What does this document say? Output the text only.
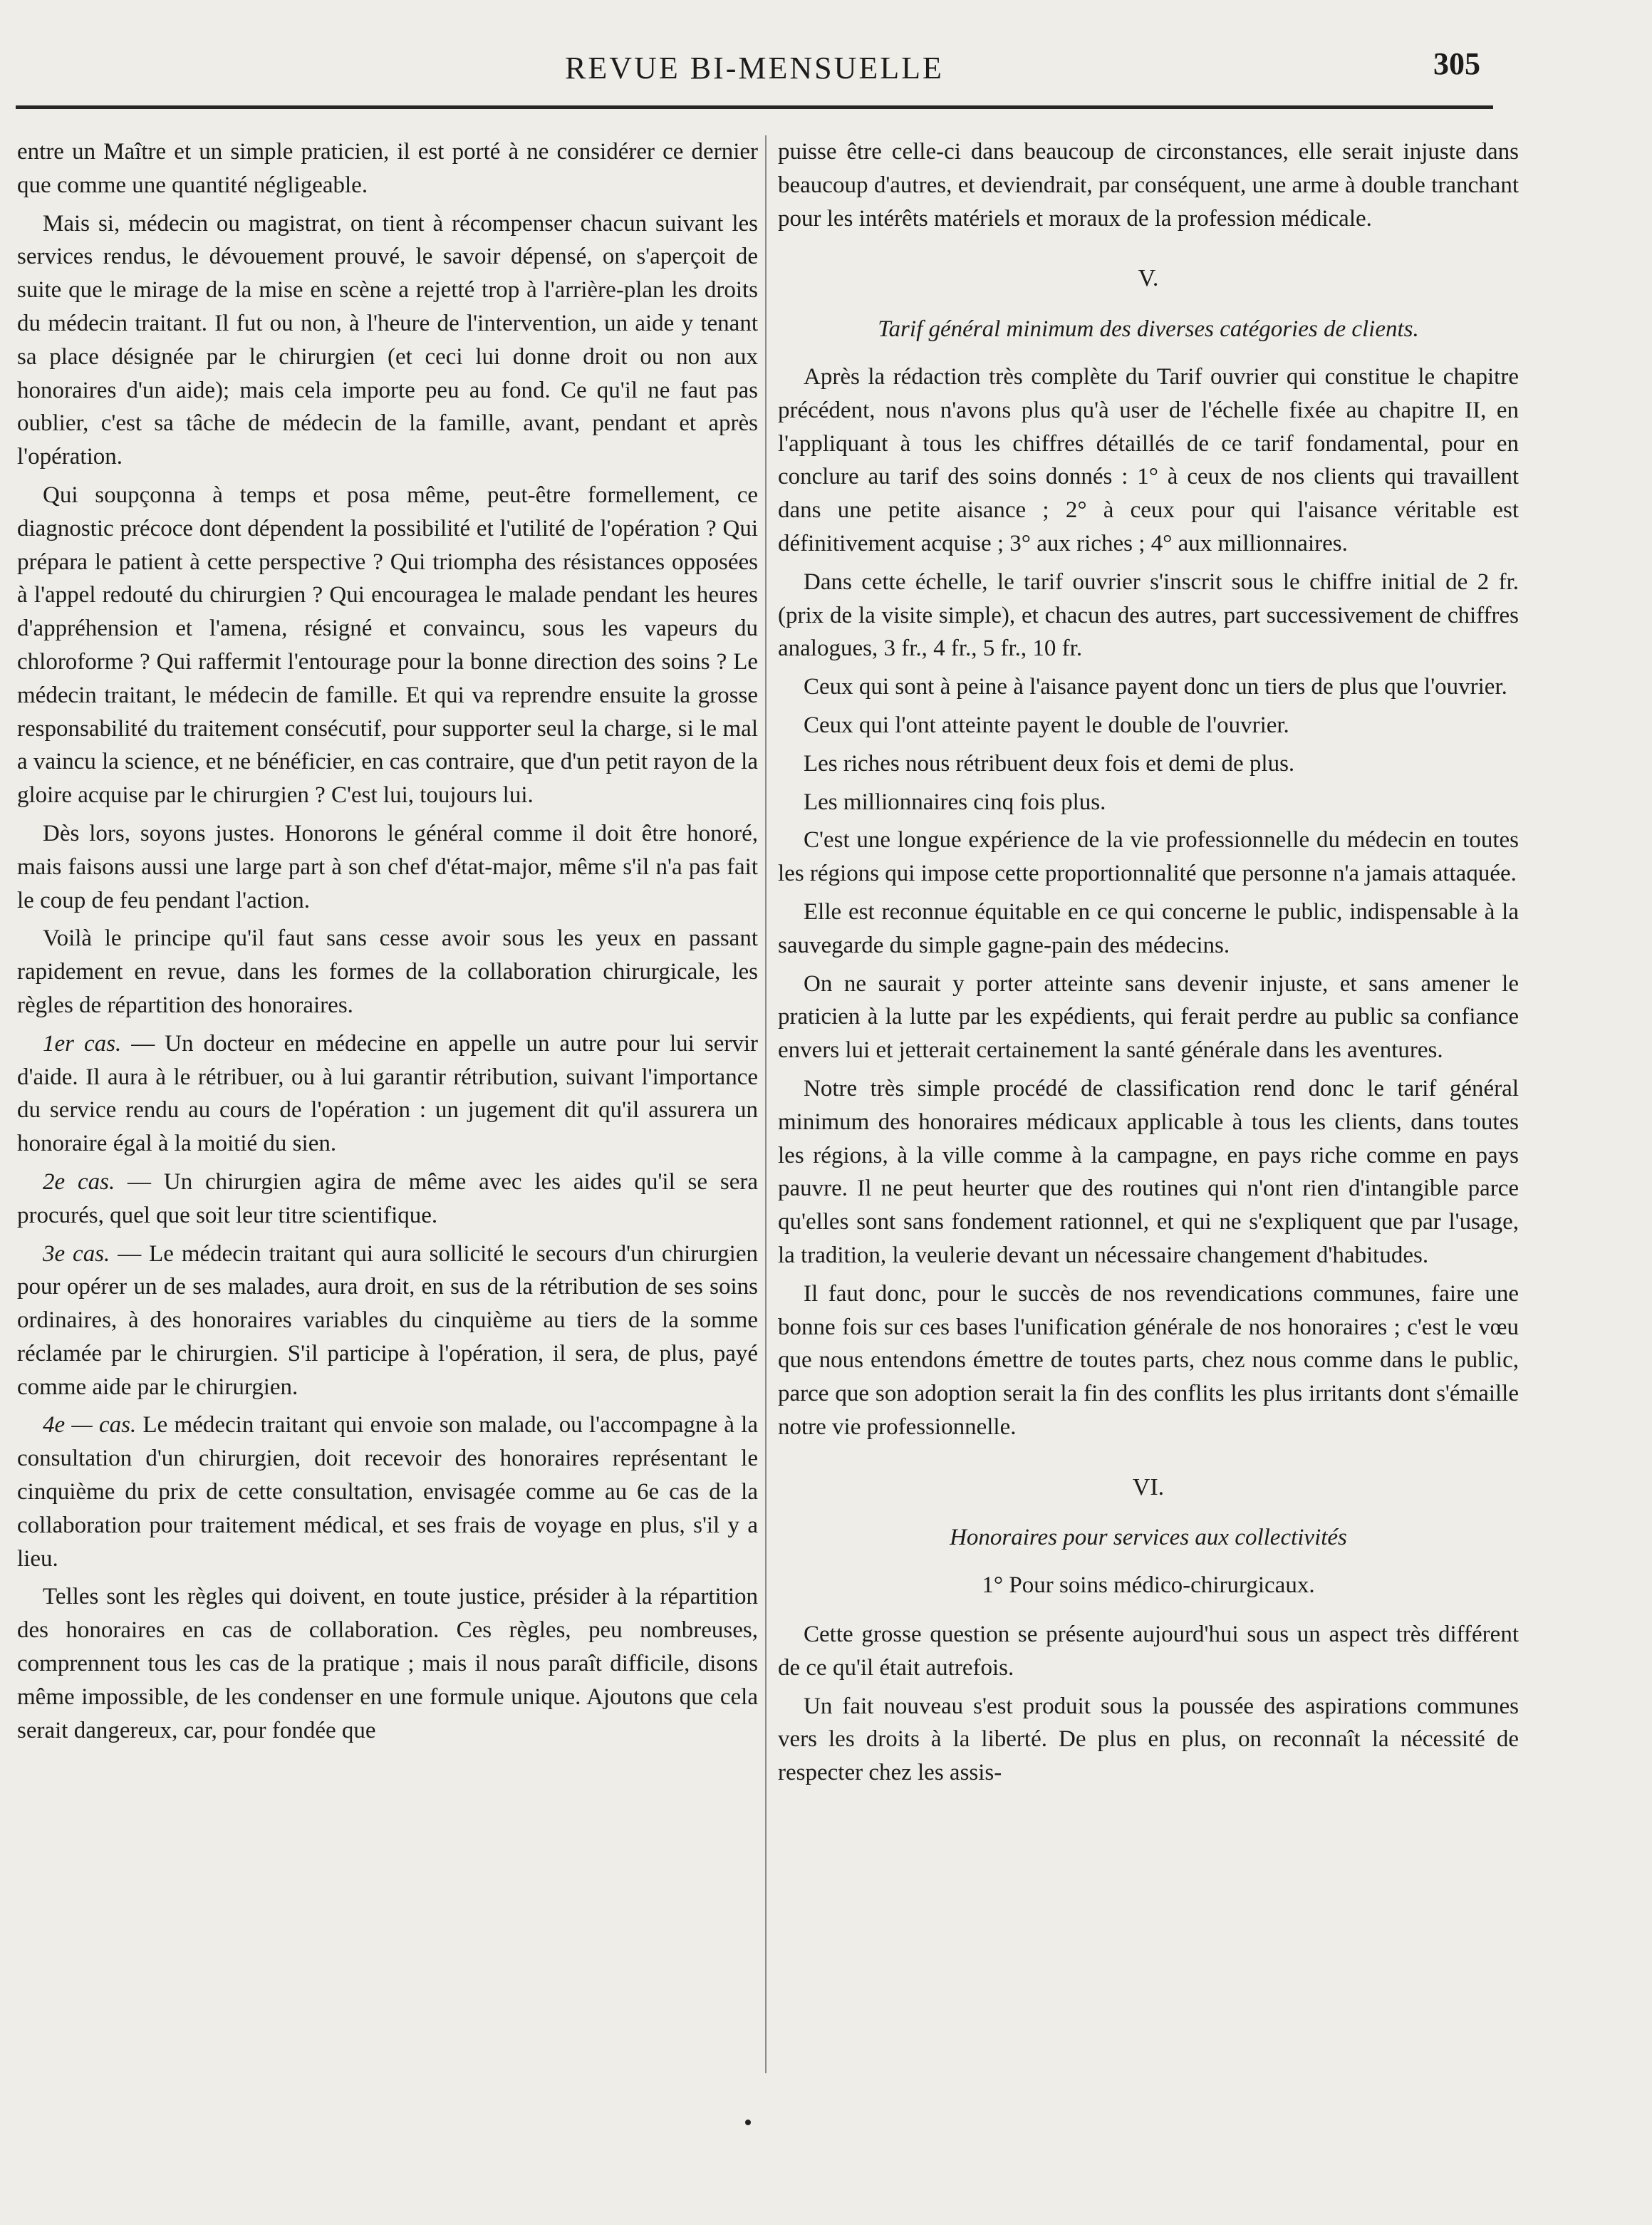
REVUE BI-MENSUELLE	305

entre un Maître et un simple praticien, il est porté à ne considérer ce dernier que comme une quantité négligeable.

Mais si, médecin ou magistrat, on tient à récompenser chacun suivant les services rendus, le dévouement prouvé, le savoir dépensé, on s'aperçoit de suite que le mirage de la mise en scène a rejetté trop à l'arrière-plan les droits du médecin traitant. Il fut ou non, à l'heure de l'intervention, un aide y tenant sa place désignée par le chirurgien (et ceci lui donne droit ou non aux honoraires d'un aide); mais cela importe peu au fond. Ce qu'il ne faut pas oublier, c'est sa tâche de médecin de la famille, avant, pendant et après l'opération.

Qui soupçonna à temps et posa même, peut-être formellement, ce diagnostic précoce dont dépendent la possibilité et l'utilité de l'opération ? Qui prépara le patient à cette perspective ? Qui triompha des résistances opposées à l'appel redouté du chirurgien ? Qui encouragea le malade pendant les heures d'appréhension et l'amena, résigné et convaincu, sous les vapeurs du chloroforme ? Qui raffermit l'entourage pour la bonne direction des soins ? Le médecin traitant, le médecin de famille. Et qui va reprendre ensuite la grosse responsabilité du traitement consécutif, pour supporter seul la charge, si le mal a vaincu la science, et ne bénéficier, en cas contraire, que d'un petit rayon de la gloire acquise par le chirurgien ? C'est lui, toujours lui.

Dès lors, soyons justes. Honorons le général comme il doit être honoré, mais faisons aussi une large part à son chef d'état-major, même s'il n'a pas fait le coup de feu pendant l'action.

Voilà le principe qu'il faut sans cesse avoir sous les yeux en passant rapidement en revue, dans les formes de la collaboration chirurgicale, les règles de répartition des honoraires.

1er cas. — Un docteur en médecine en appelle un autre pour lui servir d'aide. Il aura à le rétribuer, ou à lui garantir rétribution, suivant l'importance du service rendu au cours de l'opération : un jugement dit qu'il assurera un honoraire égal à la moitié du sien.

2e cas. — Un chirurgien agira de même avec les aides qu'il se sera procurés, quel que soit leur titre scientifique.

3e cas. — Le médecin traitant qui aura sollicité le secours d'un chirurgien pour opérer un de ses malades, aura droit, en sus de la rétribution de ses soins ordinaires, à des honoraires variables du cinquième au tiers de la somme réclamée par le chirurgien. S'il participe à l'opération, il sera, de plus, payé comme aide par le chirurgien.

4e — cas. Le médecin traitant qui envoie son malade, ou l'accompagne à la consultation d'un chirurgien, doit recevoir des honoraires représentant le cinquième du prix de cette consultation, envisagée comme au 6e cas de la collaboration pour traitement médical, et ses frais de voyage en plus, s'il y a lieu.

Telles sont les règles qui doivent, en toute justice, présider à la répartition des honoraires en cas de collaboration. Ces règles, peu nombreuses, comprennent tous les cas de la pratique ; mais il nous paraît difficile, disons même impossible, de les condenser en une formule unique. Ajoutons que cela serait dangereux, car, pour fondée que

puisse être celle-ci dans beaucoup de circonstances, elle serait injuste dans beaucoup d'autres, et deviendrait, par conséquent, une arme à double tranchant pour les intérêts matériels et moraux de la profession médicale.

V.
Tarif général minimum des diverses catégories de clients.

Après la rédaction très complète du Tarif ouvrier qui constitue le chapitre précédent, nous n'avons plus qu'à user de l'échelle fixée au chapitre II, en l'appliquant à tous les chiffres détaillés de ce tarif fondamental, pour en conclure au tarif des soins donnés : 1° à ceux de nos clients qui travaillent dans une petite aisance ; 2° à ceux pour qui l'aisance véritable est définitivement acquise ; 3° aux riches ; 4° aux millionnaires.

Dans cette échelle, le tarif ouvrier s'inscrit sous le chiffre initial de 2 fr. (prix de la visite simple), et chacun des autres, part successivement de chiffres analogues, 3 fr., 4 fr., 5 fr., 10 fr.

Ceux qui sont à peine à l'aisance payent donc un tiers de plus que l'ouvrier.

Ceux qui l'ont atteinte payent le double de l'ouvrier.

Les riches nous rétribuent deux fois et demi de plus.

Les millionnaires cinq fois plus.

C'est une longue expérience de la vie professionnelle du médecin en toutes les régions qui impose cette proportionnalité que personne n'a jamais attaquée.

Elle est reconnue équitable en ce qui concerne le public, indispensable à la sauvegarde du simple gagne-pain des médecins.

On ne saurait y porter atteinte sans devenir injuste, et sans amener le praticien à la lutte par les expédients, qui ferait perdre au public sa confiance envers lui et jetterait certainement la santé générale dans les aventures.

Notre très simple procédé de classification rend donc le tarif général minimum des honoraires médicaux applicable à tous les clients, dans toutes les régions, à la ville comme à la campagne, en pays riche comme en pays pauvre. Il ne peut heurter que des routines qui n'ont rien d'intangible parce qu'elles sont sans fondement rationnel, et qui ne s'expliquent que par l'usage, la tradition, la veulerie devant un nécessaire changement d'habitudes.

Il faut donc, pour le succès de nos revendications communes, faire une bonne fois sur ces bases l'unification générale de nos honoraires ; c'est le vœu que nous entendons émettre de toutes parts, chez nous comme dans le public, parce que son adoption serait la fin des conflits les plus irritants dont s'émaille notre vie professionnelle.

VI.
Honoraires pour services aux collectivités
1° Pour soins médico-chirurgicaux.

Cette grosse question se présente aujourd'hui sous un aspect très différent de ce qu'il était autrefois.

Un fait nouveau s'est produit sous la poussée des aspirations communes vers les droits à la liberté. De plus en plus, on reconnaît la nécessité de respecter chez les assis-
